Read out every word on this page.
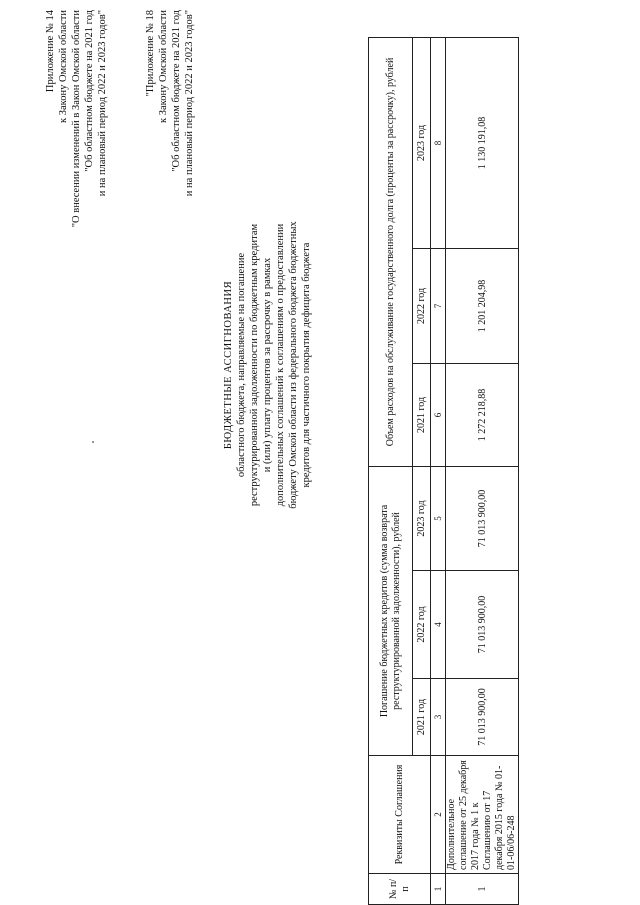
Приложение № 14 к Закону Омской области "О внесении изменений в Закон Омской области "Об областном бюджете на 2021 год и на плановый период 2022 и 2023 годов"	"Приложение № 18 к Закону Омской области "Об областном бюджете на 2021 год и на плановый период 2022 и 2023 годов"
БЮДЖЕТНЫЕ АССИГНОВАНИЯ областного бюджета, направляемые на погашение реструктурированной задолженности по бюджетным кредитам и (или) уплату процентов за рассрочку в рамках дополнительных соглашений к соглашениям о предоставлении бюджету Омской области из федерального бюджета бюджетных кредитов для частичного покрытия дефицита бюджета
№ п/п	Реквизиты Соглашения	Погашение бюджетных кредитов (сумма возврата реструктурированной задолженности), рублей			Объем расходов на обслуживание государственного долга (проценты за рассрочку), рублей		
		2021 год	2022 год	2023 год	2021 год	2022 год	2023 год
1	2	3	4	5	6	7	8
1	Дополнительное соглашение от 25 декабря 2017 года № 1 к Соглашению от 17 декабря 2015 года № 01-01-06/06-248	71 013 900,00	71 013 900,00	71 013 900,00	1 272 218,88	1 201 204,98	1 130 191,08
